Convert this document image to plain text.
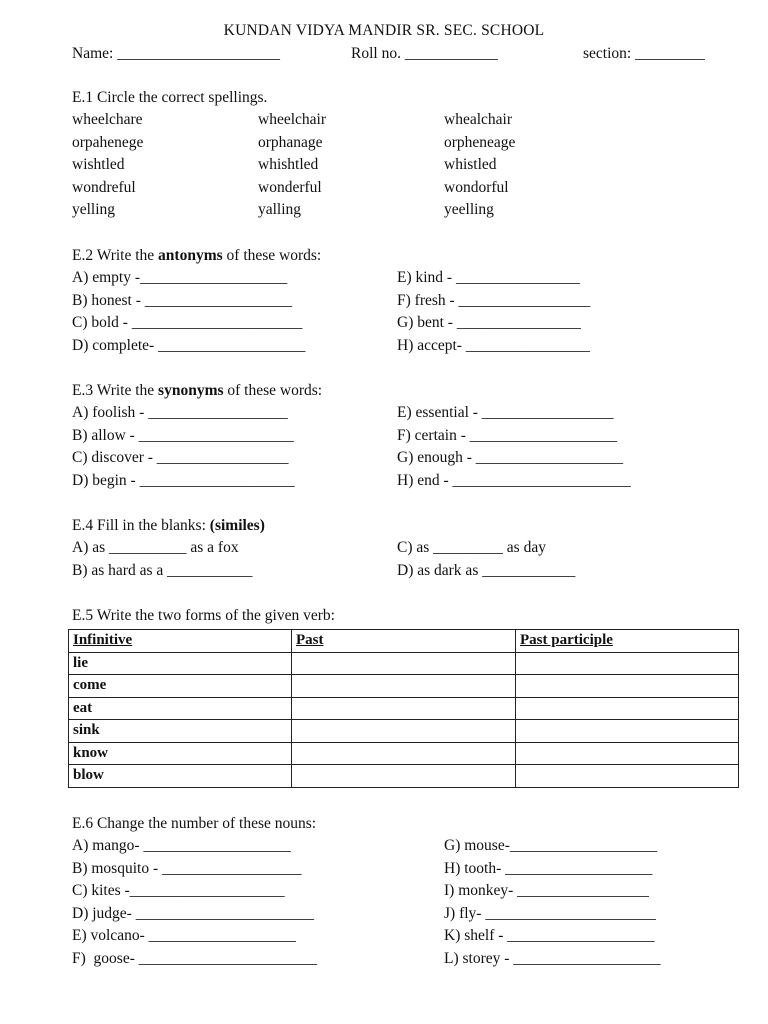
KUNDAN VIDYA MANDIR SR. SEC. SCHOOL
Name: _____________________	Roll no. ____________	section: _________
E.1 Circle the correct spellings.
wheelchare	wheelchair	whealchair
orpahenege	orphanage	orpheneage
wishtled	whishtled	whistled
wondreful	wonderful	wondorful
yelling	yalling	yeelling
E.2 Write the antonyms of these words:
A) empty -___________________	E) kind - ________________
B) honest - ___________________	F) fresh - _________________
C) bold - ______________________	G) bent - ________________
D) complete- ___________________	H) accept- ________________
E.3 Write the synonyms of these words:
A) foolish - __________________	E) essential - _________________
B) allow - ____________________	F) certain - ___________________
C) discover - _________________	G) enough - ___________________
D) begin - ____________________	H) end - _______________________
E.4 Fill in the blanks: (similes)
A) as __________ as a fox	C) as _________ as day
B) as hard as a ___________	D) as dark as ____________
E.5 Write the two forms of the given verb:
Infinitive	Past	Past participle
lie		
come		
eat		
sink		
know		
blow		
E.6 Change the number of these nouns:
A) mango- ___________________	G) mouse-___________________
B) mosquito - __________________	H) tooth- ___________________
C) kites -____________________	I) monkey- _________________
D) judge- _______________________	J) fly- ______________________
E) volcano- ___________________	K) shelf - ___________________
F)  goose- _______________________	L) storey - ___________________
